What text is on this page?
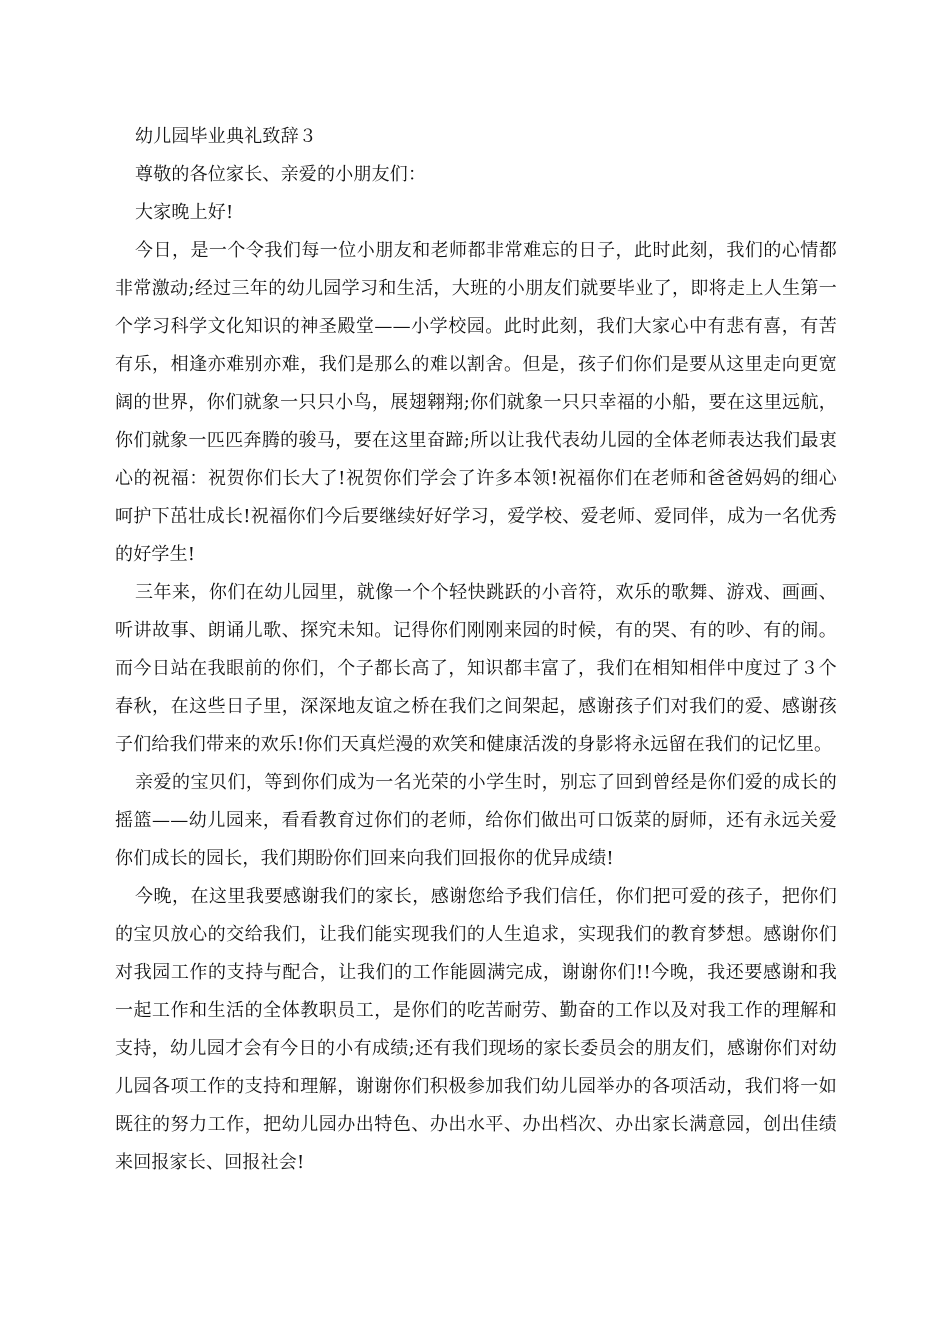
幼儿园毕业典礼致辞３

尊敬的各位家长、亲爱的小朋友们：

大家晚上好!

今日，是一个令我们每一位小朋友和老师都非常难忘的日子，此时此刻，我们的心情都非常激动;经过三年的幼儿园学习和生活，大班的小朋友们就要毕业了，即将走上人生第一个学习科学文化知识的神圣殿堂——小学校园。此时此刻，我们大家心中有悲有喜，有苦有乐，相逢亦难别亦难，我们是那么的难以割舍。但是，孩子们你们是要从这里走向更宽阔的世界，你们就象一只只小鸟，展翅翱翔;你们就象一只只幸福的小船，要在这里远航，你们就象一匹匹奔腾的骏马，要在这里奋蹄;所以让我代表幼儿园的全体老师表达我们最衷心的祝福：祝贺你们长大了!祝贺你们学会了许多本领!祝福你们在老师和爸爸妈妈的细心呵护下茁壮成长!祝福你们今后要继续好好学习，爱学校、爱老师、爱同伴，成为一名优秀的好学生!

三年来，你们在幼儿园里，就像一个个轻快跳跃的小音符，欢乐的歌舞、游戏、画画、听讲故事、朗诵儿歌、探究未知。记得你们刚刚来园的时候，有的哭、有的吵、有的闹。而今日站在我眼前的你们，个子都长高了，知识都丰富了，我们在相知相伴中度过了３个春秋，在这些日子里，深深地友谊之桥在我们之间架起，感谢孩子们对我们的爱、感谢孩子们给我们带来的欢乐!你们天真烂漫的欢笑和健康活泼的身影将永远留在我们的记忆里。

亲爱的宝贝们，等到你们成为一名光荣的小学生时，别忘了回到曾经是你们爱的成长的摇篮——幼儿园来，看看教育过你们的老师，给你们做出可口饭菜的厨师，还有永远关爱你们成长的园长，我们期盼你们回来向我们回报你的优异成绩!

今晚，在这里我要感谢我们的家长，感谢您给予我们信任，你们把可爱的孩子，把你们的宝贝放心的交给我们，让我们能实现我们的人生追求，实现我们的教育梦想。感谢你们对我园工作的支持与配合，让我们的工作能圆满完成，谢谢你们!!今晚，我还要感谢和我一起工作和生活的全体教职员工，是你们的吃苦耐劳、勤奋的工作以及对我工作的理解和支持，幼儿园才会有今日的小有成绩;还有我们现场的家长委员会的朋友们，感谢你们对幼儿园各项工作的支持和理解，谢谢你们积极参加我们幼儿园举办的各项活动，我们将一如既往的努力工作，把幼儿园办出特色、办出水平、办出档次、办出家长满意园，创出佳绩来回报家长、回报社会!
